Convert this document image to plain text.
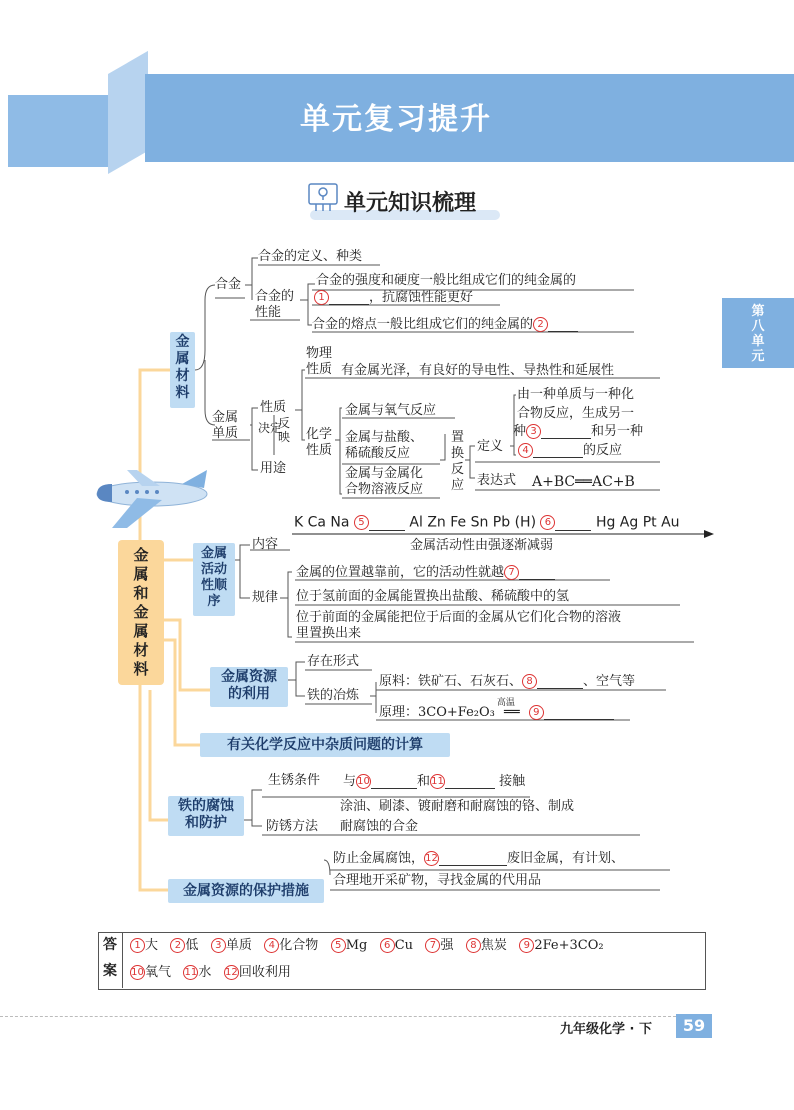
单元复习提升
单元知识梳理
第
八
单
元
金
属
和
金
属
材
料
金
属
材
料
合金
合金的定义、种类
合金的
性能
合金的强度和硬度一般比组成它们的纯金属的
1	，抗腐蚀性能更好
合金的熔点一般比组成它们的纯金属的 2
金属
单质
性质
决定
反映
用途
物理
性质 有金属光泽，有良好的导电性、导热性和延展性
化学
性质
金属与氧气反应
金属与盐酸、
稀硫酸反应
金属与金属化
合物溶液反应
置换反应
定义
由一种单质与一种化
合物反应，生成另一
种 3	和另一种
4	的反应
表达式 A+BC══AC+B
金属
活动
性顺
序
内容
K Ca Na 5	Al Zn Fe Sn Pb (H) 6	Hg Ag Pt Au
金属活动性由强逐渐减弱
规律
金属的位置越靠前，它的活动性就越 7
位于氢前面的金属能置换出盐酸、稀硫酸中的氢
位于前面的金属能把位于后面的金属从它们化合物的溶液
里置换出来
金属资源
的利用
存在形式
铁的冶炼
原料：铁矿石、石灰石、 8	、空气等
原理：3CO+Fe₂O₃
高温
══ 9
有关化学反应中杂质问题的计算
铁的腐蚀
和防护
生锈条件 与10	和11	接触
防锈方法
涂油、刷漆、镀耐磨和耐腐蚀的铬、制成
耐腐蚀的合金
金属资源的保护措施
防止金属腐蚀，12	废旧金属，有计划、
合理地开采矿物，寻找金属的代用品
答
案
1 大 2 低 3 单质 4 化合物 5 Mg 6 Cu 7 强 8 焦炭 9 2Fe+3CO₂
10氧气 11水 12回收利用
九年级化学 · 下	59
